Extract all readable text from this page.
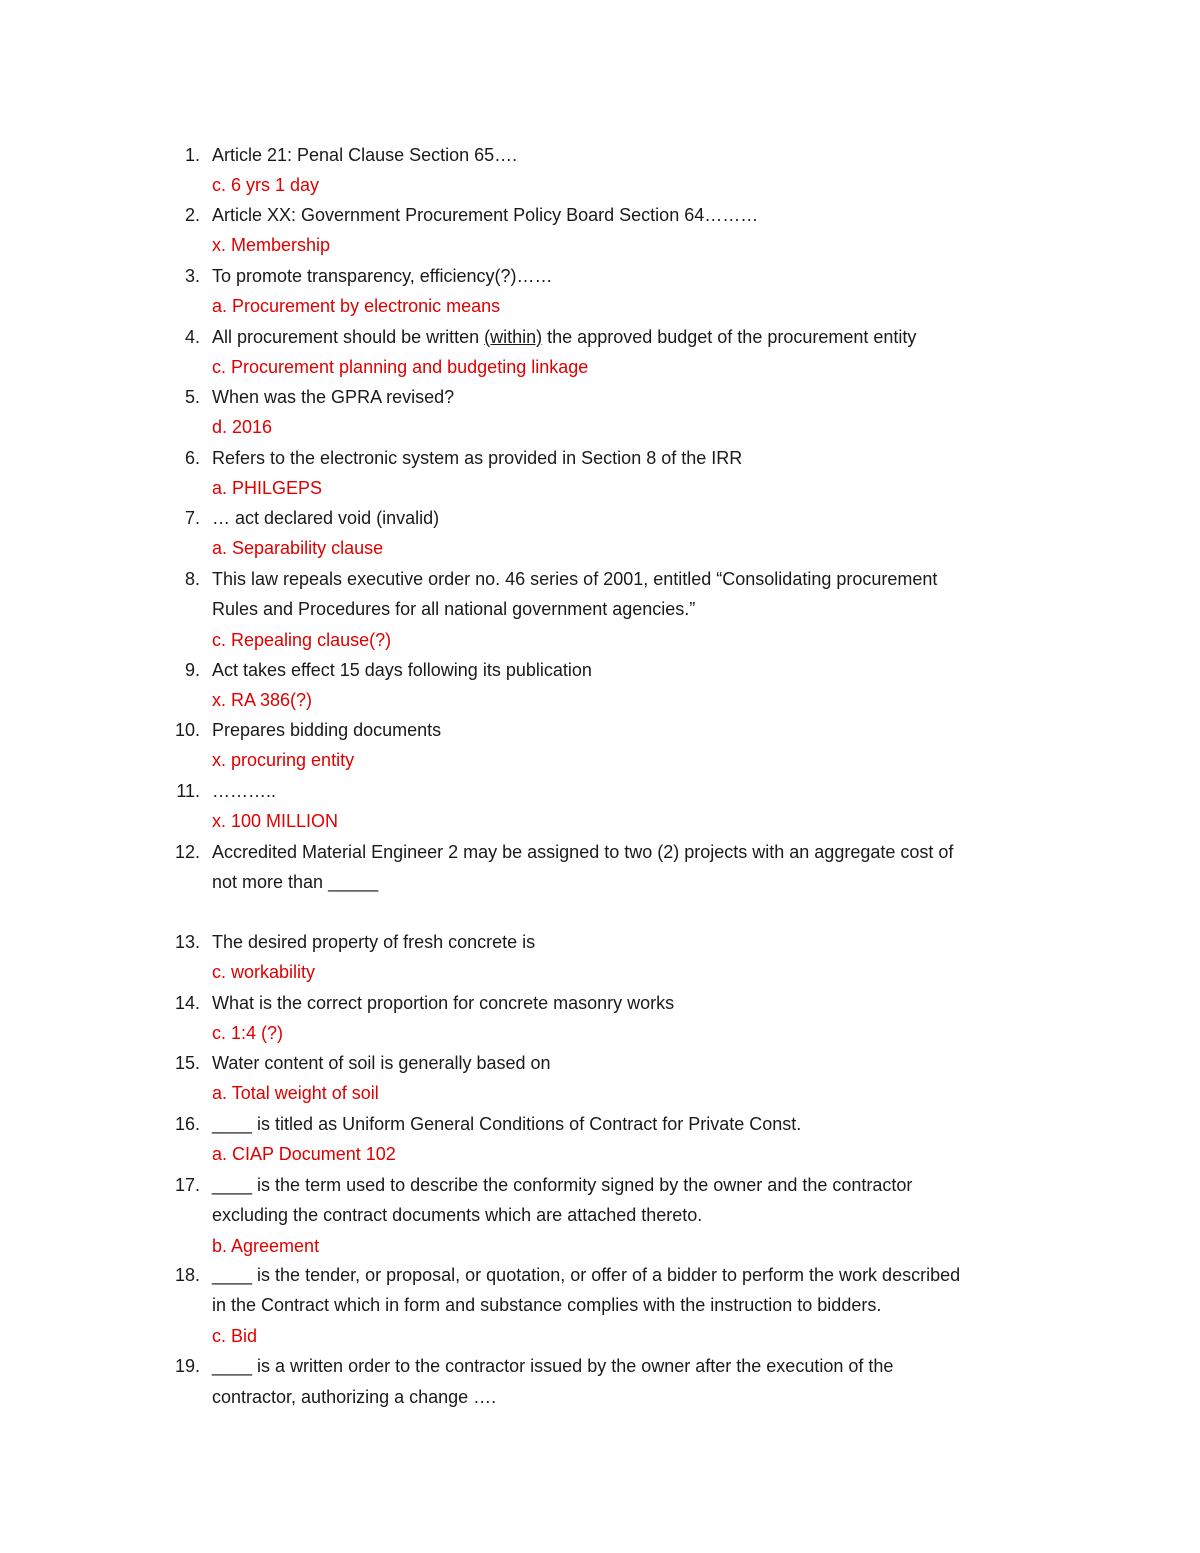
1. Article 21: Penal Clause Section 65….
c. 6 yrs 1 day
2. Article XX: Government Procurement Policy Board Section 64………
x. Membership
3. To promote transparency, efficiency(?)……
a. Procurement by electronic means
4. All procurement should be written (within) the approved budget of the procurement entity
c. Procurement planning and budgeting linkage
5. When was the GPRA revised?
d. 2016
6. Refers to the electronic system as provided in Section 8 of the IRR
a. PHILGEPS
7. … act declared void (invalid)
a. Separability clause
8. This law repeals executive order no. 46 series of 2001, entitled “Consolidating procurement
Rules and Procedures for all national government agencies.”
c. Repealing clause(?)
9. Act takes effect 15 days following its publication
x. RA 386(?)
10. Prepares bidding documents
x. procuring entity
11. ………..
x. 100 MILLION
12. Accredited Material Engineer 2 may be assigned to two (2) projects with an aggregate cost of
not more than _____
13. The desired property of fresh concrete is
c. workability
14. What is the correct proportion for concrete masonry works
c. 1:4 (?)
15. Water content of soil is generally based on
a. Total weight of soil
16. ____ is titled as Uniform General Conditions of Contract for Private Const.
a. CIAP Document 102
17. ____ is the term used to describe the conformity signed by the owner and the contractor
excluding the contract documents which are attached thereto.
b. Agreement
18. ____ is the tender, or proposal, or quotation, or offer of a bidder to perform the work described
in the Contract which in form and substance complies with the instruction to bidders.
c. Bid
19. ____ is a written order to the contractor issued by the owner after the execution of the
contractor, authorizing a change ….
